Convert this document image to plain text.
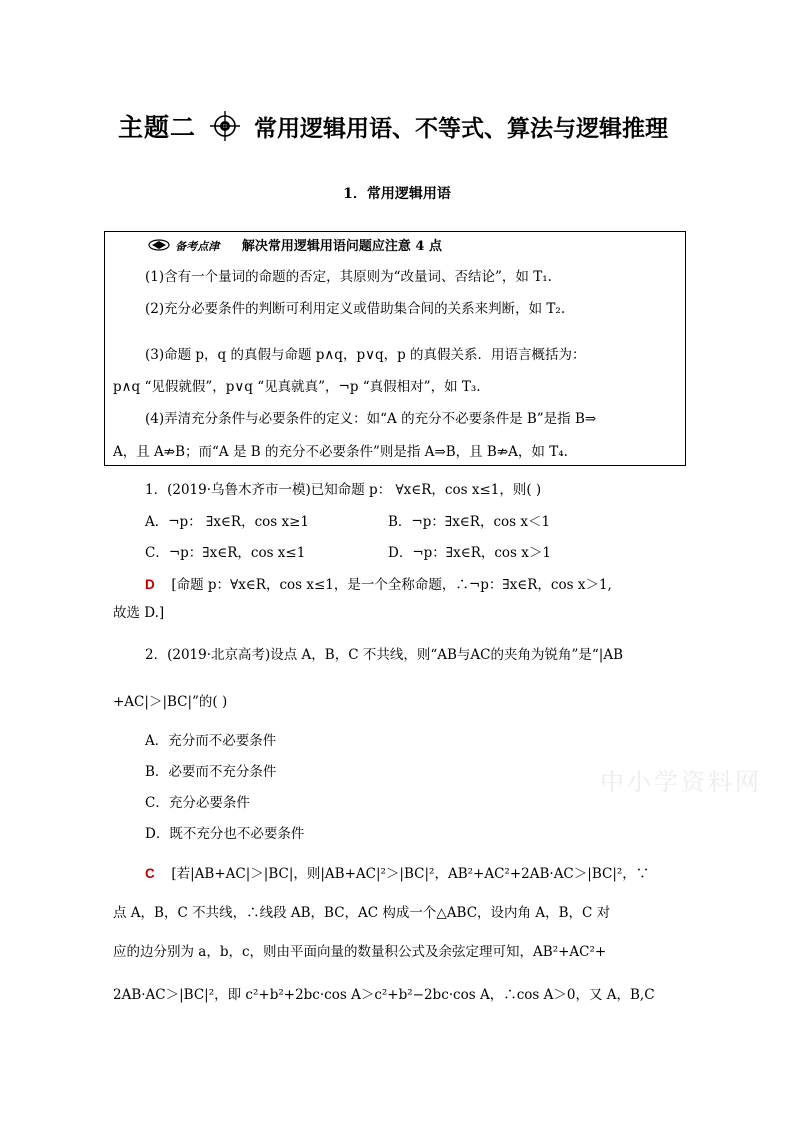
主题二	常用逻辑用语、不等式、算法与逻辑推理
1．常用逻辑用语
备考点津 解决常用逻辑用语问题应注意 4 点
(1)含有一个量词的命题的否定，其原则为“改量词、否结论”，如 T₁.
(2)充分必要条件的判断可利用定义或借助集合间的关系来判断，如 T₂.
(3)命题 p，q 的真假与命题 p∧q，p∨q，p 的真假关系．用语言概括为：
p∧q “见假就假”，p∨q “见真就真”，¬p “真假相对”，如 T₃.
(4)弄清充分条件与必要条件的定义：如“A 的充分不必要条件是 B”是指 B⇒
A，且 A⇏B；而“A 是 B 的充分不必要条件”则是指 A⇒B，且 B⇏A，如 T₄.
1．(2019·乌鲁木齐市一模)已知命题 p： ∀x∈R，cos x≤1，则( )
A．¬p： ∃x∈R，cos x≥1	B．¬p：∃x∈R，cos x＜1
C．¬p：∃x∈R，cos x≤1	D．¬p：∃x∈R，cos x＞1
D [命题 p：∀x∈R，cos x≤1，是一个全称命题，∴¬p：∃x∈R，cos x＞1,
故选 D.]
2．(2019·北京高考)设点 A，B，C 不共线，则“AB与AC的夹角为锐角”是“|AB
+AC|＞|BC|”的( )
A．充分而不必要条件
B．必要而不充分条件
C．充分必要条件
D．既不充分也不必要条件
C [若|AB+AC|＞|BC|，则|AB+AC|²＞|BC|²，AB²+AC²+2AB·AC＞|BC|²，∵
点 A，B，C 不共线，∴线段 AB，BC，AC 构成一个△ABC，设内角 A，B，C 对
应的边分别为 a，b，c，则由平面向量的数量积公式及余弦定理可知，AB²+AC²+
2AB·AC＞|BC|²，即 c²+b²+2bc·cos A＞c²+b²−2bc·cos A，∴cos A＞0，又 A，B,C
中小学资料网
